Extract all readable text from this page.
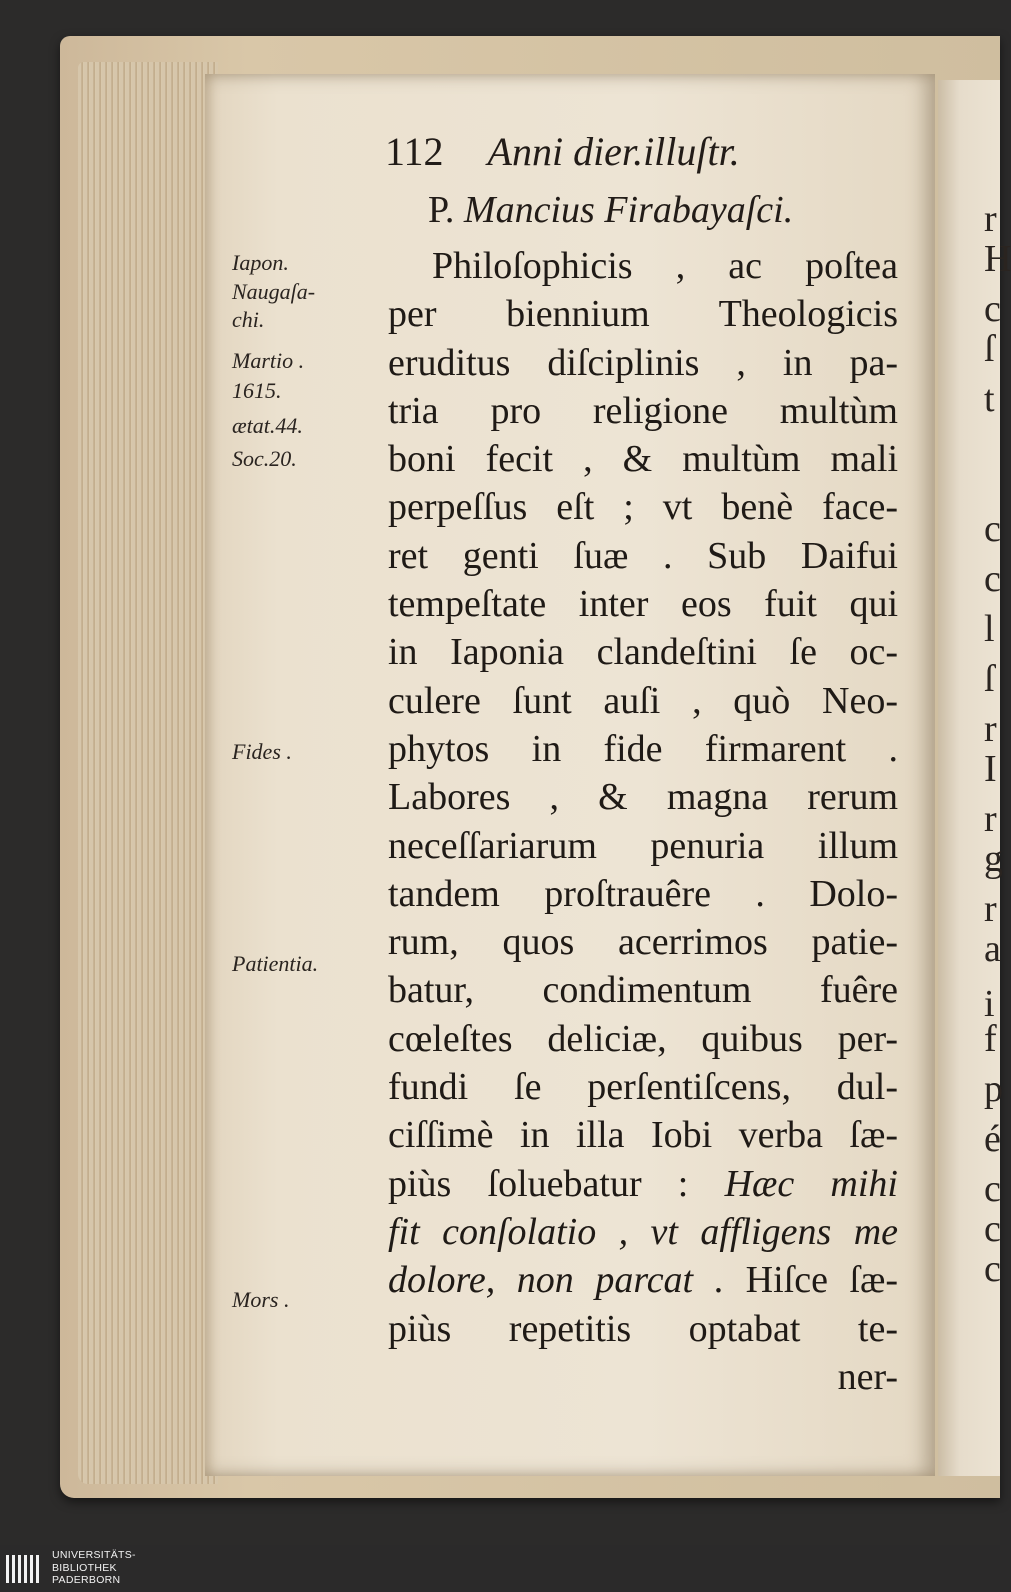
r
H
c
ſ
t
c
c
l
ſ
r
I
r
g
r
a
i
f
p
é
c
c
c
112 Anni dier.illuſtr.
P. Mancius Firabayaſci.
Philoſophicis , ac poſtea
per biennium Theologicis
eruditus diſciplinis , in pa-
tria pro religione multùm
boni fecit , & multùm mali
perpeſſus eſt ; vt benè face-
ret genti ſuæ . Sub Daifui
tempeſtate inter eos fuit qui
in Iaponia clandeſtini ſe oc-
culere ſunt auſi , quò Neo-
phytos in fide firmarent .
Labores , & magna rerum
neceſſariarum penuria illum
tandem proſtrauêre . Dolo-
rum, quos acerrimos patie-
batur, condimentum fuêre
cœleſtes deliciæ, quibus per-
fundi ſe perſentiſcens, dul-
ciſſimè in illa Iobi verba ſæ-
piùs ſoluebatur : Hæc mihi
fit conſolatio , vt affligens me
dolore, non parcat . Hiſce ſæ-
piùs repetitis optabat te-
ner-
Iapon.
Naugaſa-
chi.
Martio .
1615.
ætat.44.
Soc.20.
Fides .
Patientia.
Mors .
UNIVERSITÄTS-
BIBLIOTHEK
PADERBORN
